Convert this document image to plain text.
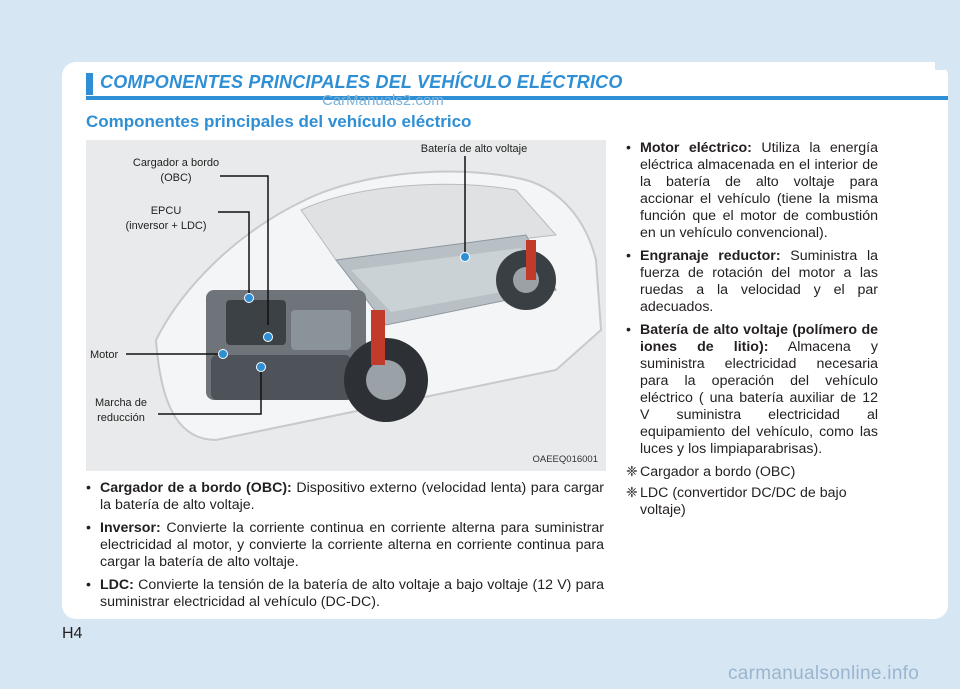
COMPONENTES PRINCIPALES DEL VEHÍCULO ELÉCTRICO
CarManuals2.com
Componentes principales del vehículo eléctrico
Cargador a bordo
(OBC)
EPCU
(inversor + LDC)
Motor
Marcha de
reducción
Batería de alto voltaje
OAEEQ016001
• Cargador de a bordo (OBC): Dispositivo externo (velocidad lenta) para cargar la batería de alto voltaje.
• Inversor: Convierte la corriente continua en corriente alterna para suministrar electricidad al motor, y convierte la corriente alterna en corriente continua para cargar la batería de alto voltaje.
• LDC: Convierte la tensión de la batería de alto voltaje a bajo voltaje (12 V) para suministrar electricidad al vehículo (DC-DC).
• Motor eléctrico: Utiliza la energía eléctrica almacenada en el interior de la batería de alto voltaje para accionar el vehículo (tiene la misma función que el motor de combustión en un vehículo convencional).
• Engranaje reductor: Suministra la fuerza de rotación del motor a las ruedas a la velocidad y el par adecuados.
• Batería de alto voltaje (polímero de iones de litio): Almacena y suministra electricidad necesaria para la operación del vehículo eléctrico ( una batería auxiliar de 12 V suministra electricidad al equipamiento del vehículo, como las luces y los limpiaparabrisas).
❈ Cargador a bordo (OBC)
❈ LDC (convertidor DC/DC de bajo voltaje)
H4
carmanualsonline.info
